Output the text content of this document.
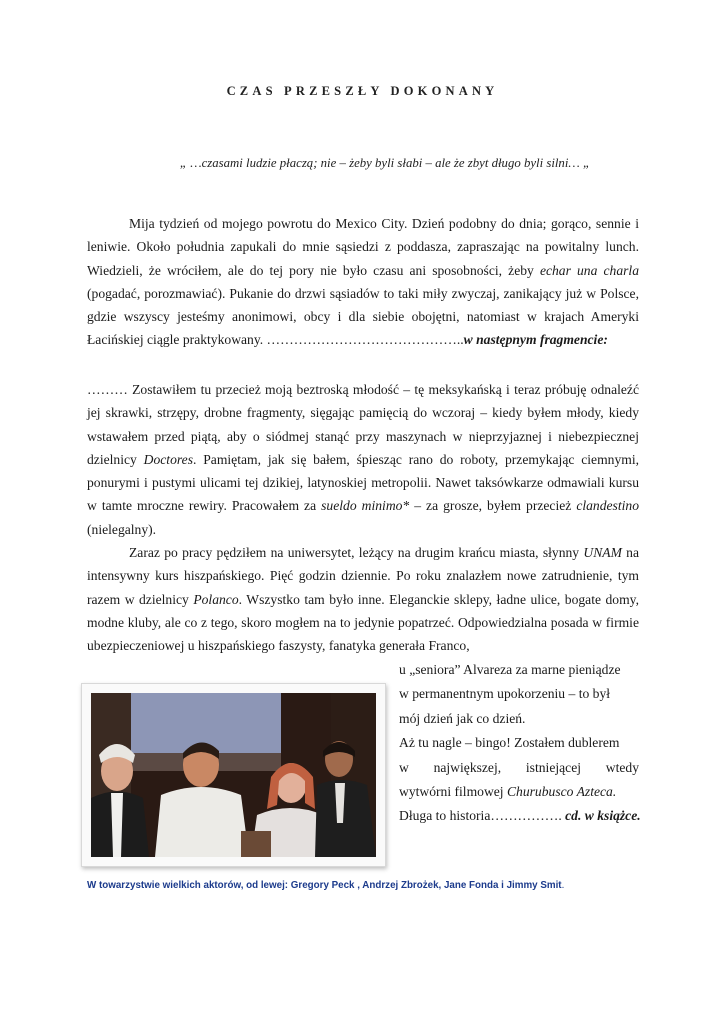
CZAS PRZESZŁY DOKONANY
„ …czasami ludzie płaczą; nie – żeby byli słabi – ale że zbyt długo byli silni… „

Mija tydzień od mojego powrotu do Mexico City. Dzień podobny do dnia; gorąco, sennie i leniwie. Około południa zapukali do mnie sąsiedzi z poddasza, zapraszając na powitalny lunch. Wiedzieli, że wróciłem, ale do tej pory nie było czasu ani sposobności, żeby echar una charla (pogadać, porozmawiać). Pukanie do drzwi sąsiadów to taki miły zwyczaj, zanikający już w Polsce, gdzie wszyscy jesteśmy anonimowi, obcy i dla siebie obojętni, natomiast w krajach Ameryki Łacińskiej ciągle praktykowany. ……………………………………..w następnym fragmencie:

……… Zostawiłem tu przecież moją beztroską młodość – tę meksykańską i teraz próbuję odnaleźć jej skrawki, strzępy, drobne fragmenty, sięgając pamięcią do wczoraj – kiedy byłem młody, kiedy wstawałem przed piątą, aby o siódmej stanąć przy maszynach w nieprzyjaznej i niebezpiecznej dzielnicy Doctores. Pamiętam, jak się bałem, śpiesząc rano do roboty, przemykając ciemnymi, ponurymi i pustymi ulicami tej dzikiej, latynoskiej metropolii. Nawet taksówkarze odmawiali kursu w tamte mroczne rewiry. Pracowałem za sueldo minimo* – za grosze, byłem przecież clandestino (nielegalny).

Zaraz po pracy pędziłem na uniwersytet, leżący na drugim krańcu miasta, słynny UNAM na intensywny kurs hiszpańskiego. Pięć godzin dziennie. Po roku znalazłem nowe zatrudnienie, tym razem w dzielnicy Polanco. Wszystko tam było inne. Eleganckie sklepy, ładne ulice, bogate domy, modne kluby, ale co z tego, skoro mogłem na to jedynie popatrzeć. Odpowiedzialna posada w firmie ubezpieczeniowej u hiszpańskiego faszysty, fanatyka generała Franco,

u „seniora” Alvareza za marne pieniądze
w permanentnym upokorzeniu – to był
mój dzień jak co dzień.
Aż tu nagle – bingo! Zostałem dublerem
w największej, istniejącej wtedy
wytwórni filmowej Churubusco Azteca.
Długa to historia……………. cd. w książce.
W towarzystwie wielkich aktorów, od lewej: Gregory Peck , Andrzej Zbrożek, Jane Fonda i Jimmy Smit.
